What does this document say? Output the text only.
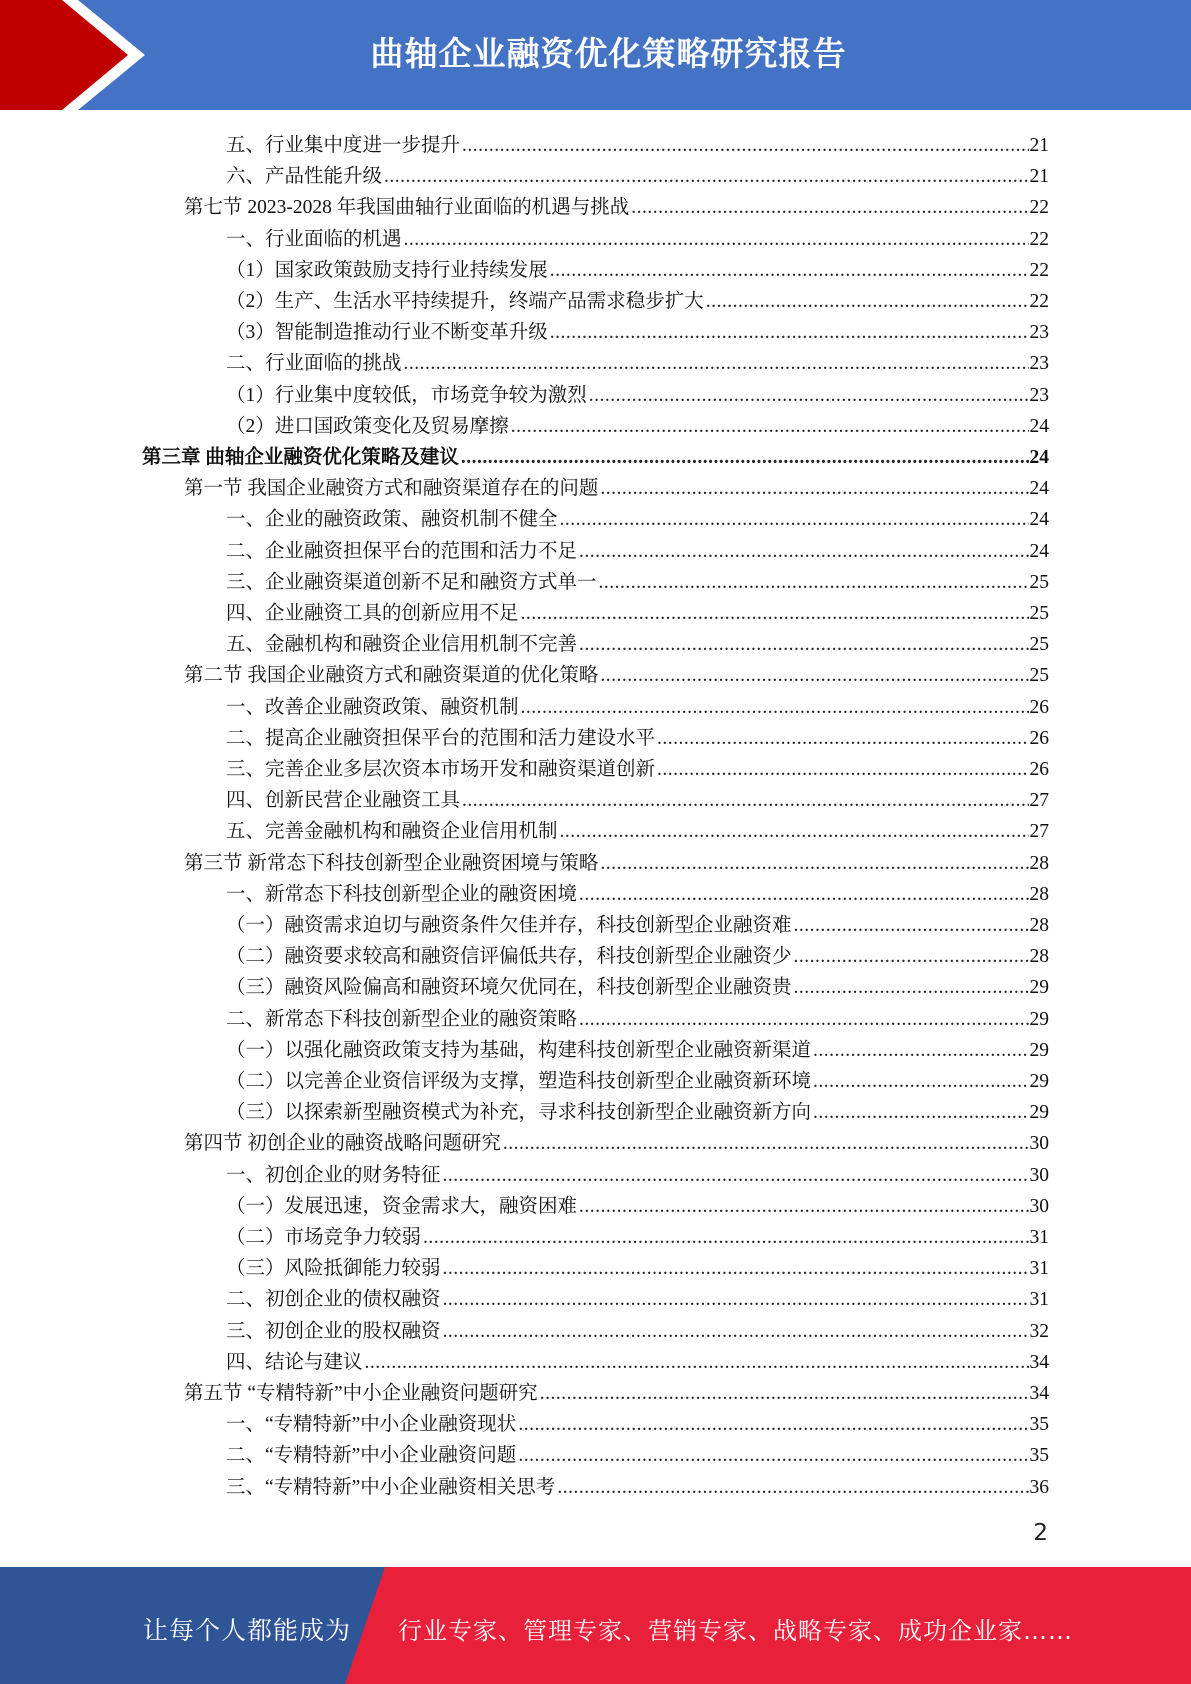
曲轴企业融资优化策略研究报告
五、行业集中度进一步提升 .....	21
六、产品性能升级 .....	21
第七节 2023-2028 年我国曲轴行业面临的机遇与挑战 .....	22
一、行业面临的机遇 .....	22
（1）国家政策鼓励支持行业持续发展 .....	22
（2）生产、生活水平持续提升，终端产品需求稳步扩大 .....	22
（3）智能制造推动行业不断变革升级 .....	23
二、行业面临的挑战 .....	23
（1）行业集中度较低，市场竞争较为激烈 .....	23
（2）进口国政策变化及贸易摩擦 .....	24
第三章 曲轴企业融资优化策略及建议 .....	24
第一节 我国企业融资方式和融资渠道存在的问题 .....	24
一、企业的融资政策、融资机制不健全 .....	24
二、企业融资担保平台的范围和活力不足 .....	24
三、企业融资渠道创新不足和融资方式单一 .....	25
四、企业融资工具的创新应用不足 .....	25
五、金融机构和融资企业信用机制不完善 .....	25
第二节 我国企业融资方式和融资渠道的优化策略 .....	25
一、改善企业融资政策、融资机制 .....	26
二、提高企业融资担保平台的范围和活力建设水平 .....	26
三、完善企业多层次资本市场开发和融资渠道创新 .....	26
四、创新民营企业融资工具 .....	27
五、完善金融机构和融资企业信用机制 .....	27
第三节 新常态下科技创新型企业融资困境与策略 .....	28
一、新常态下科技创新型企业的融资困境 .....	28
（一）融资需求迫切与融资条件欠佳并存，科技创新型企业融资难 .....	28
（二）融资要求较高和融资信评偏低共存，科技创新型企业融资少 .....	28
（三）融资风险偏高和融资环境欠优同在，科技创新型企业融资贵 .....	29
二、新常态下科技创新型企业的融资策略 .....	29
（一）以强化融资政策支持为基础，构建科技创新型企业融资新渠道 .....	29
（二）以完善企业资信评级为支撑，塑造科技创新型企业融资新环境 .....	29
（三）以探索新型融资模式为补充，寻求科技创新型企业融资新方向 .....	29
第四节 初创企业的融资战略问题研究 .....	30
一、初创企业的财务特征 .....	30
（一）发展迅速，资金需求大，融资困难 .....	30
（二）市场竞争力较弱 .....	31
（三）风险抵御能力较弱 .....	31
二、初创企业的债权融资 .....	31
三、初创企业的股权融资 .....	32
四、结论与建议 .....	34
第五节 “专精特新”中小企业融资问题研究 .....	34
一、“专精特新”中小企业融资现状 .....	35
二、“专精特新”中小企业融资问题 .....	35
三、“专精特新”中小企业融资相关思考 .....	36
2
让每个人都能成为 行业专家、管理专家、营销专家、战略专家、成功企业家……
